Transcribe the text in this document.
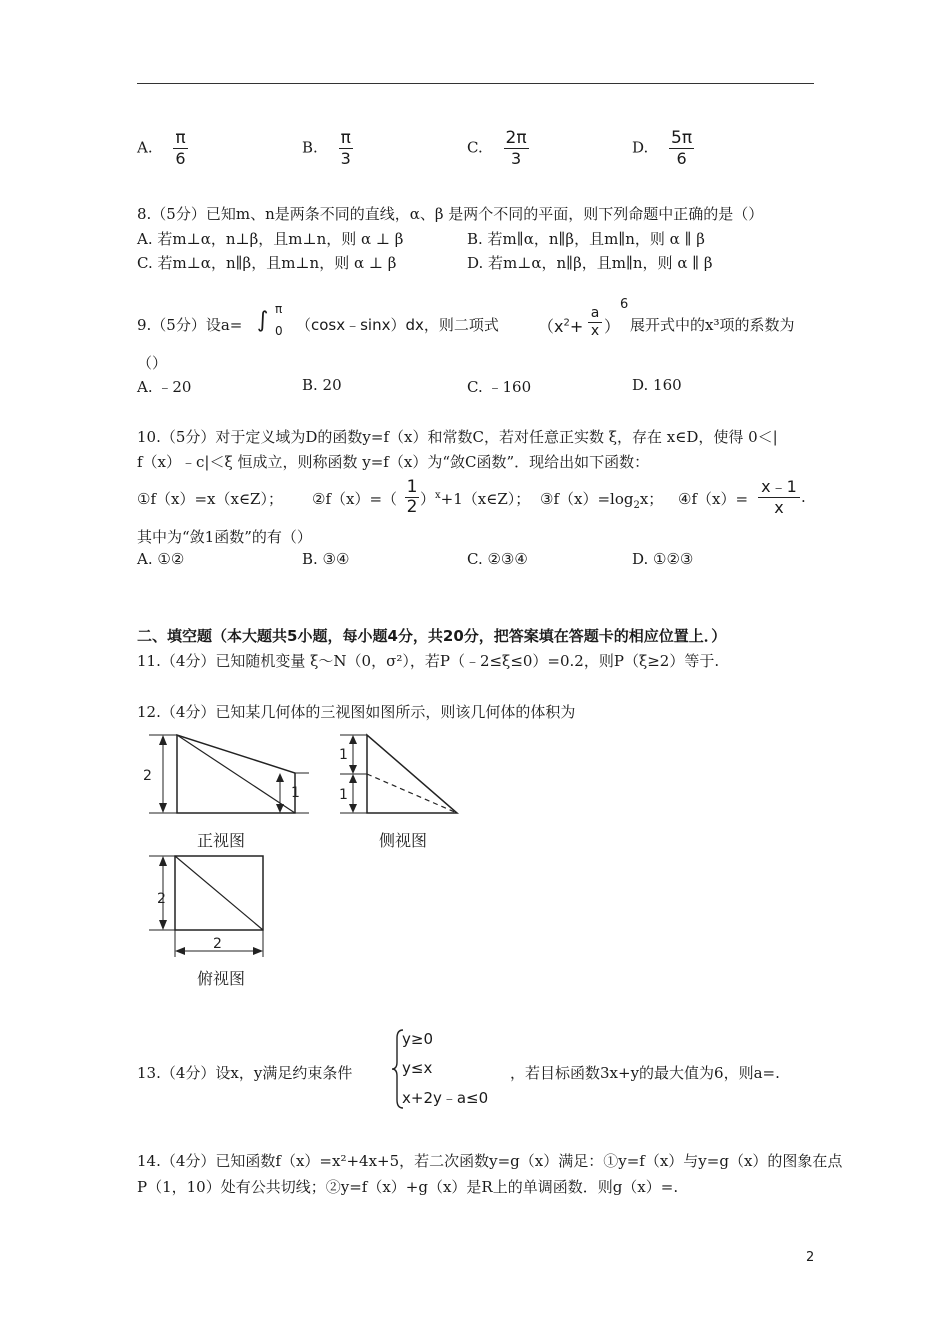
A. $\frac{\pi}{6}$	B. $\frac{\pi}{3}$	C. $\frac{2\pi}{3}$	D. $\frac{5\pi}{6}$
8.（5分）已知m、n是两条不同的直线，α、β 是两个不同的平面，则下列命题中正确的是（）
A. 若m⊥α，n⊥β，且m⊥n，则 α ⊥ β	B. 若m∥α，n∥β，且m∥n，则 α ∥ β
C. 若m⊥α，n∥β，且m⊥n，则 α ⊥ β	D. 若m⊥α，n∥β，且m∥n，则 α ∥ β
9.（5分）设a= ∫ π
0 （cosx﹣sinx）dx，则二项式 （$x^2+$
a
x ）
6
展开式中的x³项的系数为
（）
A. ﹣20	B. 20	C. ﹣160	D. 160
10.（5分）对于定义域为D的函数y=f（x）和常数C，若对任意正实数 ξ，存在 x∈D，使得 0＜|
f（x）﹣c|＜ξ 恒成立，则称函数 y=f（x）为“敛C函数”．现给出如下函数：
①f（x）=x（x∈Z）； ②f（x）=（
1
2 ）$^x$+1（x∈Z）； $③f(x)=\log_2x$； ④f（x）=
x﹣1
x
.
其中为“敛1函数”的有（）
A. ①②	B. ③④	C. ②③④	D. ①②③
二、填空题（本大题共5小题，每小题4分，共20分，把答案填在答题卡的相应位置上．）
11.（4分）已知随机变量 ξ～N（0，σ²），若P（﹣2≤ξ≤0）=0.2，则P（ξ≥2）等于.
12.（4分）已知某几何体的三视图如图所示，则该几何体的体积为
2
1
正视图
1
1
侧视图
2
2
俯视图
13.（4分）设x，y满足约束条件
y≥0
y≤x
x+2y﹣a≤0
，若目标函数3x+y的最大值为6，则a=.
14.（4分）已知函数f（x）=x²+4x+5，若二次函数y=g（x）满足：①y=f（x）与y=g（x）的图象在点
P（1，10）处有公共切线；②y=f（x）+g（x）是R上的单调函数．则g（x）=.
2
